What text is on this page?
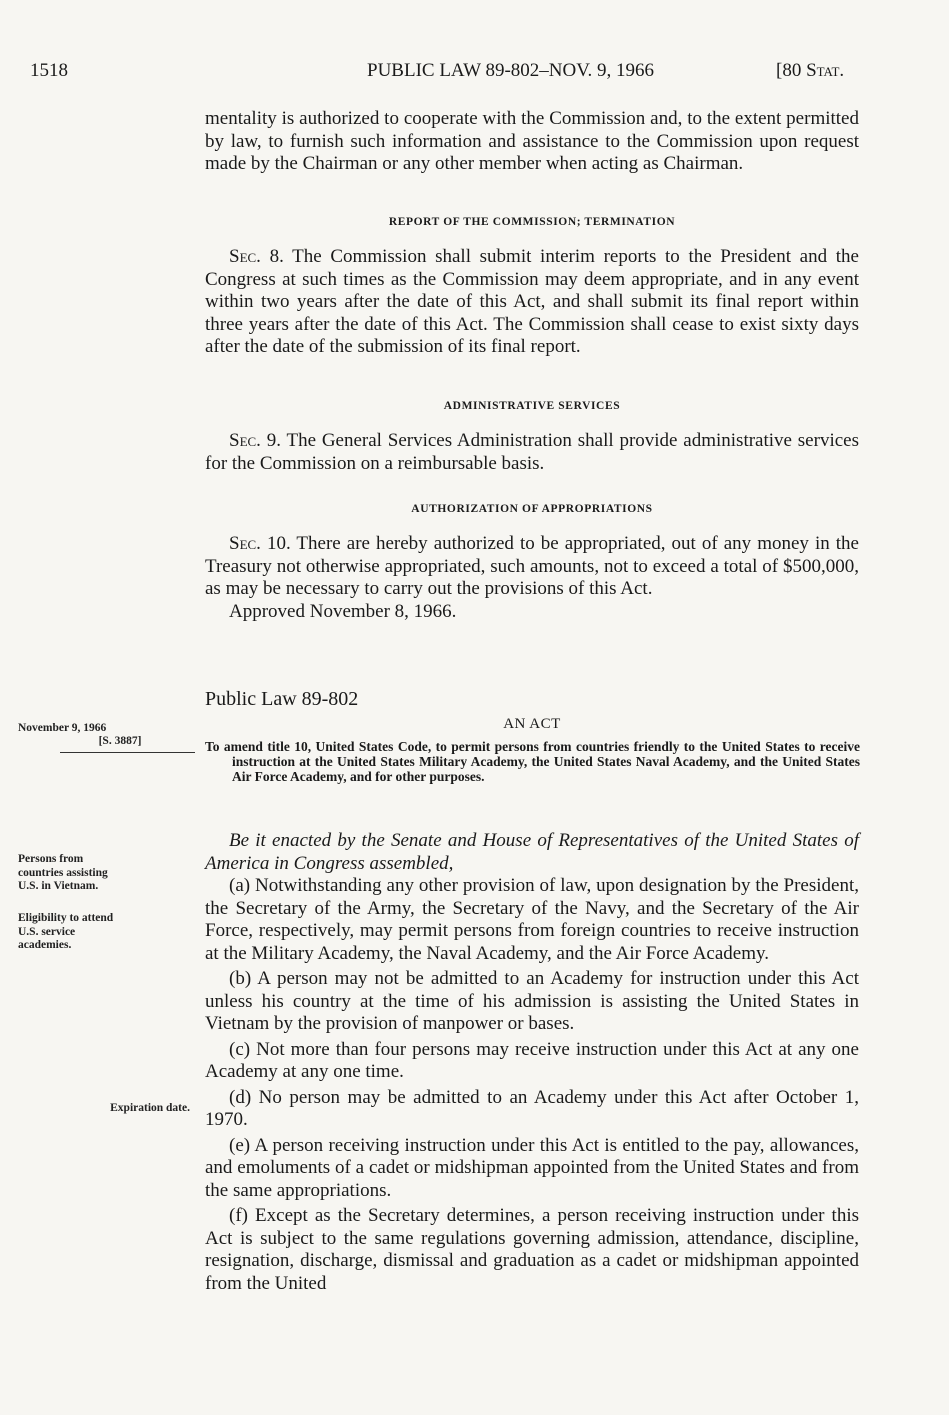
1518	PUBLIC LAW 89-802–NOV. 9, 1966	[80 Stat.

mentality is authorized to cooperate with the Commission and, to the extent permitted by law, to furnish such information and assistance to the Commission upon request made by the Chairman or any other member when acting as Chairman.

REPORT OF THE COMMISSION; TERMINATION

Sec. 8. The Commission shall submit interim reports to the President and the Congress at such times as the Commission may deem appropriate, and in any event within two years after the date of this Act, and shall submit its final report within three years after the date of this Act. The Commission shall cease to exist sixty days after the date of the submission of its final report.

ADMINISTRATIVE SERVICES

Sec. 9. The General Services Administration shall provide administrative services for the Commission on a reimbursable basis.

AUTHORIZATION OF APPROPRIATIONS

Sec. 10. There are hereby authorized to be appropriated, out of any money in the Treasury not otherwise appropriated, such amounts, not to exceed a total of $500,000, as may be necessary to carry out the provisions of this Act.

Approved November 8, 1966.

Public Law 89-802
AN ACT
To amend title 10, United States Code, to permit persons from countries friendly to the United States to receive instruction at the United States Military Academy, the United States Naval Academy, and the United States Air Force Academy, and for other purposes.
November 9, 1966
[S. 3887]
Persons from countries assisting U.S. in Vietnam.
Eligibility to attend U.S. service academies.
Expiration date.

Be it enacted by the Senate and House of Representatives of the United States of America in Congress assembled,

(a) Notwithstanding any other provision of law, upon designation by the President, the Secretary of the Army, the Secretary of the Navy, and the Secretary of the Air Force, respectively, may permit persons from foreign countries to receive instruction at the Military Academy, the Naval Academy, and the Air Force Academy.

(b) A person may not be admitted to an Academy for instruction under this Act unless his country at the time of his admission is assisting the United States in Vietnam by the provision of manpower or bases.

(c) Not more than four persons may receive instruction under this Act at any one Academy at any one time.

(d) No person may be admitted to an Academy under this Act after October 1, 1970.

(e) A person receiving instruction under this Act is entitled to the pay, allowances, and emoluments of a cadet or midshipman appointed from the United States and from the same appropriations.

(f) Except as the Secretary determines, a person receiving instruction under this Act is subject to the same regulations governing admission, attendance, discipline, resignation, discharge, dismissal and graduation as a cadet or midshipman appointed from the United
